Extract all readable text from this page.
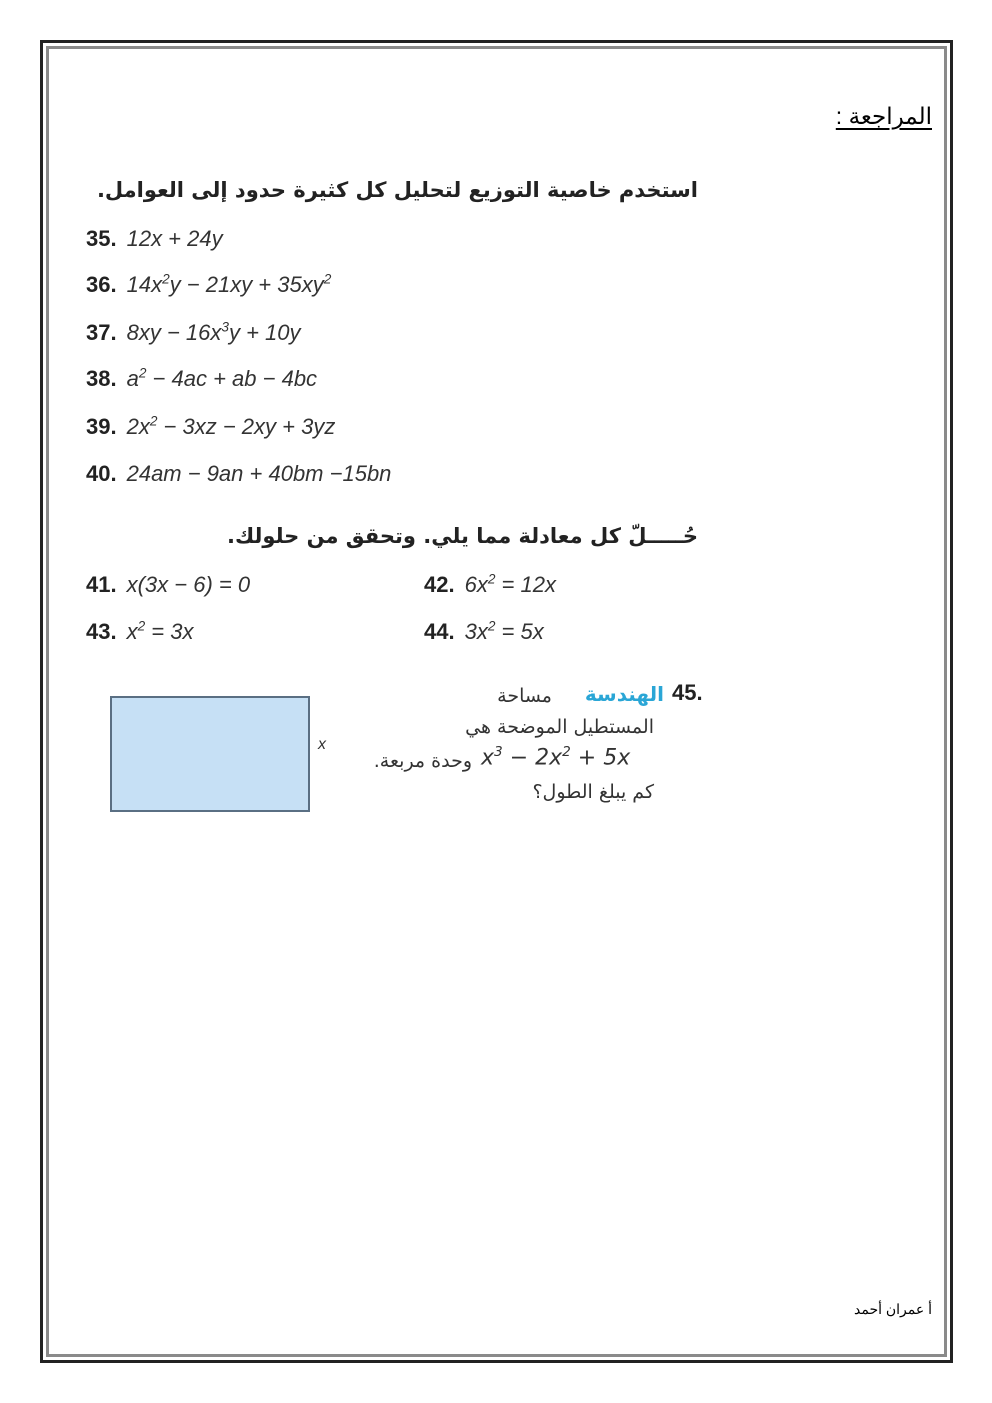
المراجعة :
استخدم خاصية التوزيع لتحليل كل كثيرة حدود إلى العوامل.
35. 12x + 24y
36. $14x^2y - 21xy + 35xy^2$
37. $8xy - 16x^3y + 10y$
38. $a^2 - 4ac$ + ab − 4bc
39. $2x^2 - 3xz - 2xy + 3yz$
40. 24am − 9an + 40bm −15bn
حُـــــلّ كل معادلة مما يلي. وتحقق من حلولك.
41. x(3x − 6) = 0	42. $6x^2 = 12x$
43. $x^2 = 3x$	44. $3x^2 = 5x$
x
45.
الهندسة
مساحة
المستطيل الموضحة هي
$x^3 - 2x^2 + 5x$
وحدة مربعة.
كم يبلغ الطول؟
أ عمران أحمد
